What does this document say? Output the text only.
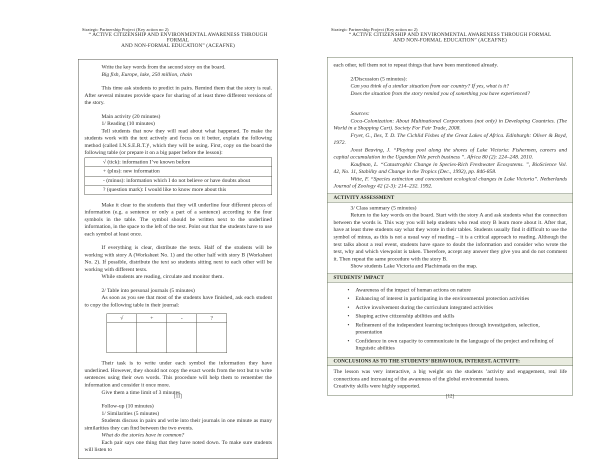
Strategic Partnership Project (Key action no 2)
“ ACTIVE CITIZENSHIP AND ENVIRONMENTAL AWARENESS THROUGH FORMAL
AND NON-FORMAL EDUCATION” (ACEAFNE)

Write the key words from the second story on the board.

Big fish, Europe, lake, 250 million, chain

This time ask students to predict in pairs. Remind them that the story is real. After several minutes provide space for sharing of at least three different versions of the story.

Main activity (20 minutes)

1/ Reading (10 minutes)

Tell students that now they will read about what happened. To make the students work with the text actively and focus on it better, explain the following method (called I.N.S.E.R.T.)¹, which they will be using. First, copy on the board the following table (or prepare it on a big paper before the lesson):

√ (tick): information I’ve known before
+ (plus): new information
- (minus): information which I do not believe or have doubts about
? (question mark): I would like to know more about this

Make it clear to the students that they will underline four different pieces of information (e.g. a sentence or only a part of a sentence) according to the four symbols in the table. The symbol should be written next to the underlined information, in the space to the left of the text. Point out that the students have to use each symbol at least once.

If everything is clear, distribute the texts. Half of the students will be working with story A (Worksheet No. 1) and the other half with story B (Worksheet No. 2). If possible, distribute the text so students sitting next to each other will be working with different texts.

While students are reading, circulate and monitor them.

2/ Table into personal journals (5 minutes)

As soon as you see that most of the students have finished, ask each student to copy the following table in their journal:

√	+	-	?

Their task is to write under each symbol the information they have underlined. However, they should not copy the exact words from the text but to write sentences using their own words. This procedure will help them to remember the information and consider it once more.

Give them a time limit of 3 minutes.

Follow-up (10 minutes)

1/ Similarities (5 minutes)

Students discuss in pairs and write into their journals in one minute as many similarities they can find between the two events.

What do the stories have in common?

Each pair says one thing that they have noted down. To make sure students will listen to

[11]
Strategic Partnership Project (Key action no 2)
“ ACTIVE CITIZENSHIP AND ENVIRONMENTAL AWARENESS THROUGH FORMAL
AND NON-FORMAL EDUCATION” (ACEAFNE)

each other, tell them not to repeat things that have been mentioned already.

2/Discussion (5 minutes):

Can you think of a similar situation from our country? If yes, what is it?

Does the situation from the story remind you of something you have experienced?

Sources:

Coca-Colonization: About Multinational Corporations (not only) in Developing Countries. (The World in a Shopping Cart). Society For Fair Trade, 2008.

Fryer, G., Iles, T. D. The Cichlid Fishes of the Great Lakes of Africa. Edinburgh: Oliver & Boyd, 1972.

Joost Beuving, J. “Playing pool along the shores of Lake Victoria: Fishermen, careers and capital accumulation in the Ugandan Nile perch business ”. Africa 80 (2): 224–248. 2010.

Kaufman, L. “Catastrophic Change in Species-Rich Freshwater Ecosystems. ”, BioScience Vol. 42, No. 11, Stability and Change in the Tropics (Dec., 1992), pp. 846-858.

Witte, F. “Species extinction and concomitant ecological changes in Lake Victoria”. Netherlands Journal of Zoology 42 (2-3): 214–232. 1992.

ACTIVITY ASSESSMENT

3/ Class summary (5 minutes)

Return to the key words on the board. Start with the story A and ask students what the connection between the words is. This way you will help students who read story B learn more about it. After that, have at least three students say what they wrote in their tables. Students usually find it difficult to use the symbol of minus, as this is not a usual way of reading – it is a critical approach to reading. Although the text talks about a real event, students have space to doubt the information and consider who wrote the text, why and which viewpoint is taken. Therefore, accept any answer they give you and do not comment it. Then repeat the same procedure with the story B.

Show students Lake Victoria and Plachimada on the map.

STUDENTS’ IMPACT
• Awareness of the impact of human actions on nature
• Enhancing of interest in participating in the environmental protection activities
• Active involvement during the curriculum integrated activities
• Shaping active citizenship abilities and skills
• Refinement of the independent learning techniques through investigation, selection, presentation
• Confidence in own capacity to communicate in the language of the project and refining of linguistic abilities
CONCLUSIONS AS TO THE STUDENTS’ BEHAVIOUR, INTEREST, ACTIVITY:

The lesson was very interactive, a big weight on the students ’activity and engagement, real life connections and increasing of the awareness of the global environmental issues.

Creativity skills were highly supported.

[12]
